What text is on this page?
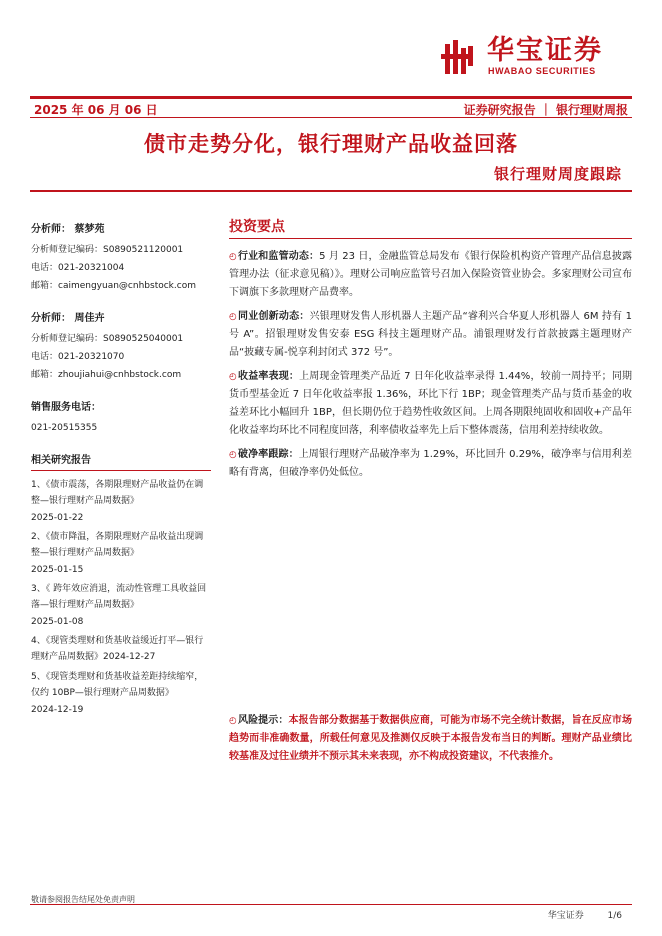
华宝证券
HWABAO SECURITIES
2025 年 06 月 06 日	证券研究报告 ｜ 银行理财周报
债市走势分化，银行理财产品收益回落
银行理财周度跟踪
分析师： 蔡梦苑
分析师登记编码：S0890521120001
电话：021-20321004
邮箱：caimengyuan@cnhbstock.com
分析师： 周佳卉
分析师登记编码：S0890525040001
电话：021-20321070
邮箱：zhoujiahui@cnhbstock.com
销售服务电话：
021-20515355
相关研究报告
1、《债市震荡，各期限理财产品收益仍在调整—银行理财产品周数据》
2025-01-22
2、《债市降温，各期限理财产品收益出现调整—银行理财产品周数据》
2025-01-15
3、《 跨年效应消退，流动性管理工具收益回落—银行理财产品周数据》
2025-01-08
4、《现管类理财和货基收益缓近打平—银行理财产品周数据》2024-12-27
5、《现管类理财和货基收益差距持续缩窄，仅约 10BP—银行理财产品周数据》
2024-12-19
投资要点
◴行业和监管动态：5 月 23 日，金融监管总局发布《银行保险机构资产管理产品信息披露管理办法（征求意见稿）》。理财公司响应监管号召加入保险资管业协会。多家理财公司宣布下调旗下多款理财产品费率。
◴同业创新动态：兴银理财发售人形机器人主题产品“睿利兴合华夏人形机器人 6M 持有 1 号 A”。招银理财发售安泰 ESG 科技主题理财产品。浦银理财发行首款披露主题理财产品“披藏专属-悦享利封闭式 372 号”。
◴收益率表现：上周现金管理类产品近 7 日年化收益率录得 1.44%，较前一周持平；同期货币型基金近 7 日年化收益率报 1.36%，环比下行 1BP；现金管理类产品与货币基金的收益差环比小幅回升 1BP，但长期仍位于趋势性收敛区间。上周各期限纯固收和固收+产品年化收益率均环比不同程度回落，利率债收益率先上后下整体震荡，信用利差持续收敛。
◴破净率跟踪：上周银行理财产品破净率为 1.29%，环比回升 0.29%，破净率与信用利差略有背离，但破净率仍处低位。
◴风险提示：本报告部分数据基于数据供应商，可能为市场不完全统计数据，旨在反应市场趋势而非准确数量，所载任何意见及推测仅反映于本报告发布当日的判断。理财产品业绩比较基准及过往业绩并不预示其未来表现，亦不构成投资建议，不代表推介。
敬请参阅报告结尾处免责声明
华宝证券	1/6
